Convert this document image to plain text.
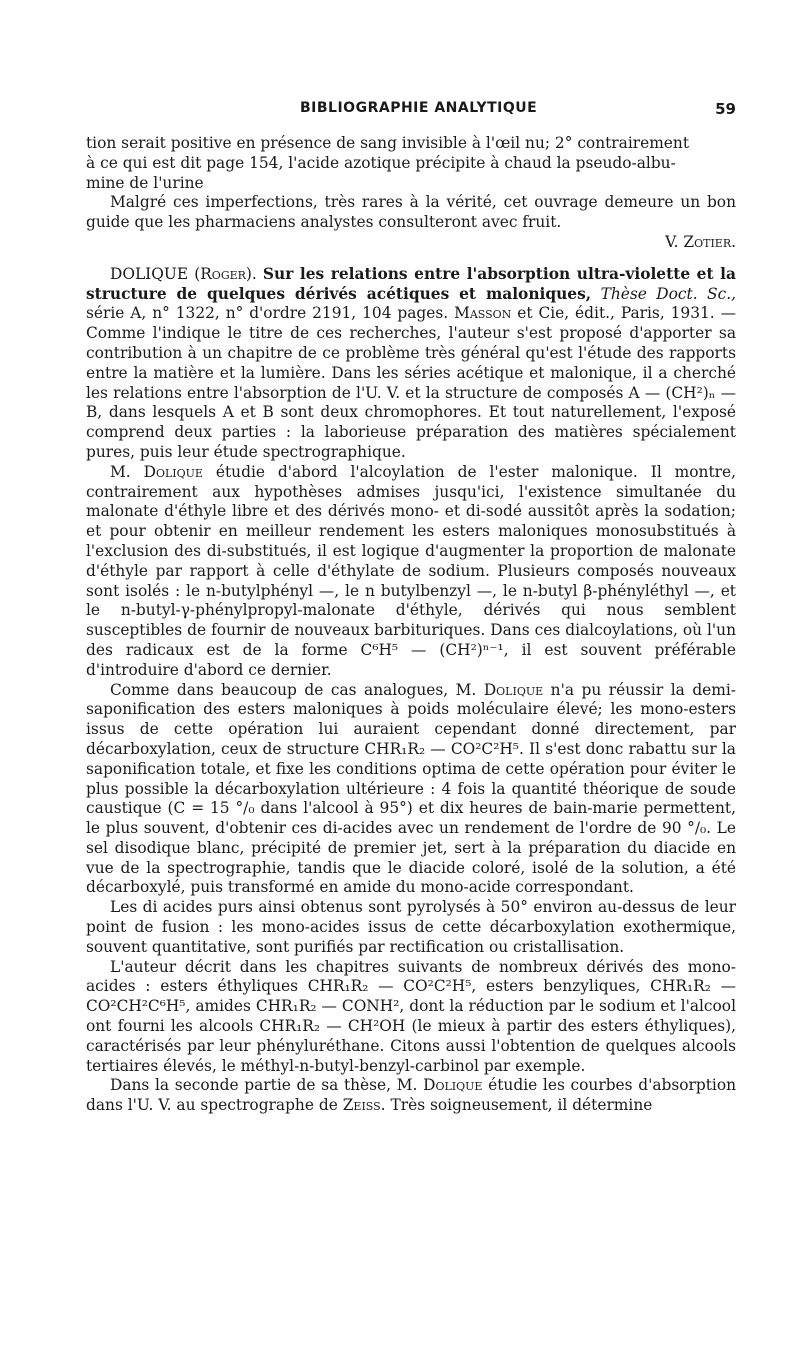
BIBLIOGRAPHIE ANALYTIQUE	59

tion serait positive en présence de sang invisible à l'œil nu; 2° contrairement

à ce qui est dit page 154, l'acide azotique précipite à chaud la pseudo-albu-

mine de l'urine

Malgré ces imperfections, très rares à la vérité, cet ouvrage demeure un bon guide que les pharmaciens analystes consulteront avec fruit.

V. Zotier.

DOLIQUE (Roger). Sur les relations entre l'absorption ultra-violette et la structure de quelques dérivés acétiques et maloniques, Thèse Doct. Sc., série A, n° 1322, n° d'ordre 2191, 104 pages. Masson et Cie, édit., Paris, 1931. — Comme l'indique le titre de ces recherches, l'auteur s'est proposé d'apporter sa contribution à un chapitre de ce problème très général qu'est l'étude des rapports entre la matière et la lumière. Dans les séries acétique et malonique, il a cherché les relations entre l'absorption de l'U. V. et la structure de composés A — (CH²)ₙ — B, dans lesquels A et B sont deux chromophores. Et tout naturellement, l'exposé comprend deux parties : la laborieuse préparation des matières spécialement pures, puis leur étude spectrographique.

M. Dolique étudie d'abord l'alcoylation de l'ester malonique. Il montre, contrairement aux hypothèses admises jusqu'ici, l'existence simultanée du malonate d'éthyle libre et des dérivés mono- et di-sodé aussitôt après la sodation; et pour obtenir en meilleur rendement les esters maloniques monosubstitués à l'exclusion des di-substitués, il est logique d'augmenter la proportion de malonate d'éthyle par rapport à celle d'éthylate de sodium. Plusieurs composés nouveaux sont isolés : le n-butylphényl —, le n butylbenzyl —, le n-butyl β-phényléthyl —, et le n-butyl-γ-phénylpropyl-malonate d'éthyle, dérivés qui nous semblent susceptibles de fournir de nouveaux barbituriques. Dans ces dialcoylations, où l'un des radicaux est de la forme C⁶H⁵ — (CH²)ⁿ⁻¹, il est souvent préférable d'introduire d'abord ce dernier.

Comme dans beaucoup de cas analogues, M. Dolique n'a pu réussir la demi-saponification des esters maloniques à poids moléculaire élevé; les mono-esters issus de cette opération lui auraient cependant donné directement, par décarboxylation, ceux de structure CHR₁R₂ — CO²C²H⁵. Il s'est donc rabattu sur la saponification totale, et fixe les conditions optima de cette opération pour éviter le plus possible la décarboxylation ultérieure : 4 fois la quantité théorique de soude caustique (C = 15 °/₀ dans l'alcool à 95°) et dix heures de bain-marie permettent, le plus souvent, d'obtenir ces di-acides avec un rendement de l'ordre de 90 °/₀. Le sel disodique blanc, précipité de premier jet, sert à la préparation du diacide en vue de la spectrographie, tandis que le diacide coloré, isolé de la solution, a été décarboxylé, puis transformé en amide du mono-acide correspondant.

Les di acides purs ainsi obtenus sont pyrolysés à 50° environ au-dessus de leur point de fusion : les mono-acides issus de cette décarboxylation exothermique, souvent quantitative, sont purifiés par rectification ou cristallisation.

L'auteur décrit dans les chapitres suivants de nombreux dérivés des mono-acides : esters éthyliques CHR₁R₂ — CO²C²H⁵, esters benzyliques, CHR₁R₂ — CO²CH²C⁶H⁵, amides CHR₁R₂ — CONH², dont la réduction par le sodium et l'alcool ont fourni les alcools CHR₁R₂ — CH²OH (le mieux à partir des esters éthyliques), caractérisés par leur phényluréthane. Citons aussi l'obtention de quelques alcools tertiaires élevés, le méthyl-n-butyl-benzyl-carbinol par exemple.

Dans la seconde partie de sa thèse, M. Dolique étudie les courbes d'absorption dans l'U. V. au spectrographe de Zeiss. Très soigneusement, il détermine
